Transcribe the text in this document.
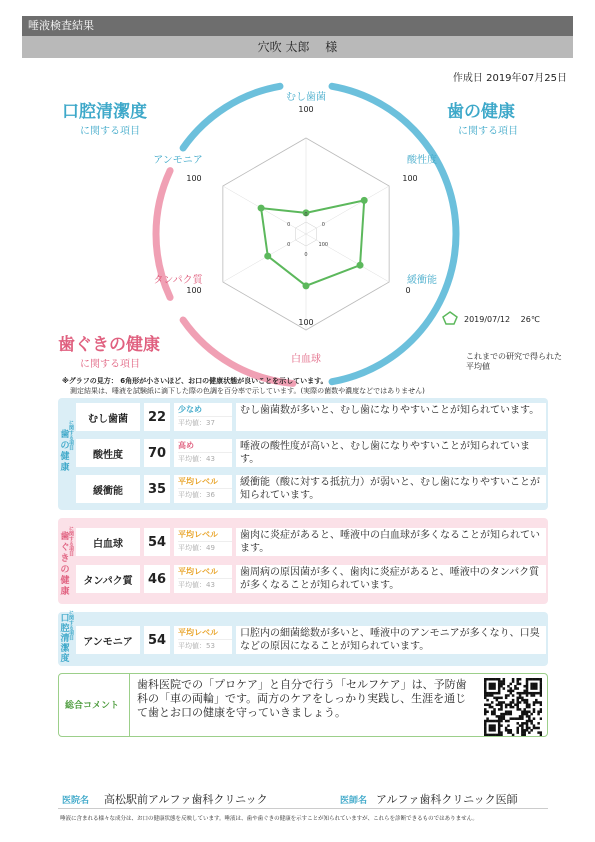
唾液検査結果
穴吹 太郎　 様
作成日 2019年07月25日
口腔清潔度
に関する項目
歯の健康
に関する項目
歯ぐきの健康
に関する項目
むし歯菌
100
0
酸性度
100
0
緩衝能
0
100
白血球
100
0
タンパク質
100
0
アンモニア
100
0
2019/07/12　 26℃
これまでの研究で得られた
平均値
※グラフの見方： 6角形が小さいほど、お口の健康状態が良いことを示しています。
測定結果は、唾液を試験紙に滴下した際の色調を百分率で示しています。(実際の菌数や濃度などではありません)
に関する項目
歯の健康
に関する項目
歯ぐきの健康
に関する項目
口腔清潔度
むし歯菌	22	少なめ
平均値：37
むし歯菌数が多いと、むし歯になりやすいことが知られています。
酸性度	70	高め
平均値：43
唾液の酸性度が高いと、むし歯になりやすいことが知られています。
緩衝能	35	平均レベル
平均値：36
緩衝能（酸に対する抵抗力）が弱いと、むし歯になりやすいことが知られています。
白血球	54	平均レベル
平均値：49
歯肉に炎症があると、唾液中の白血球が多くなることが知られています。
タンパク質	46	平均レベル
平均値：43
歯周病の原因菌が多く、歯肉に炎症があると、唾液中のタンパク質が多くなることが知られています。
アンモニア	54	平均レベル
平均値：53
口腔内の細菌総数が多いと、唾液中のアンモニアが多くなり、口臭などの原因になることが知られています。
総合コメント
歯科医院での「プロケア」と自分で行う「セルフケア」は、予防歯科の「車の両輪」です。両方のケアをしっかり実践し、生涯を通じて歯とお口の健康を守っていきましょう。
医院名 高松駅前アルファ歯科クリニック	医師名 アルファ歯科クリニック医師
唾液に含まれる様々な成分は、お口の健康状態を反映しています。唾液は、歯や歯ぐきの健康を示すことが知られていますが、これらを診断できるものではありません。
